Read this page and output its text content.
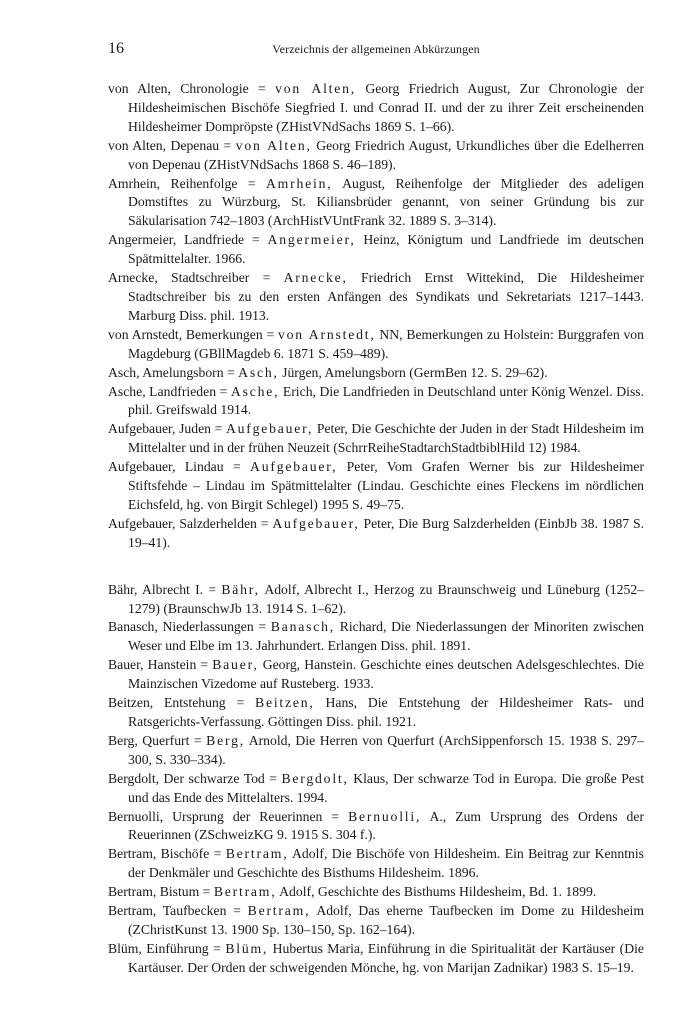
16	Verzeichnis der allgemeinen Abkürzungen

von Alten, Chronologie = von Alten, Georg Friedrich August, Zur Chronologie der Hildesheimischen Bischöfe Siegfried I. und Conrad II. und der zu ihrer Zeit erscheinenden Hildesheimer Dompröpste (ZHistVNdSachs 1869 S. 1–66).

von Alten, Depenau = von Alten, Georg Friedrich August, Urkundliches über die Edelherren von Depenau (ZHistVNdSachs 1868 S. 46–189).

Amrhein, Reihenfolge = Amrhein, August, Reihenfolge der Mitglieder des adeligen Domstiftes zu Würzburg, St. Kiliansbrüder genannt, von seiner Gründung bis zur Säkularisation 742–1803 (ArchHistVUntFrank 32. 1889 S. 3–314).

Angermeier, Landfriede = Angermeier, Heinz, Königtum und Landfriede im deutschen Spätmittelalter. 1966.

Arnecke, Stadtschreiber = Arnecke, Friedrich Ernst Wittekind, Die Hildesheimer Stadtschreiber bis zu den ersten Anfängen des Syndikats und Sekretariats 1217–1443. Marburg Diss. phil. 1913.

von Arnstedt, Bemerkungen = von Arnstedt, NN, Bemerkungen zu Holstein: Burggrafen von Magdeburg (GBllMagdeb 6. 1871 S. 459–489).

Asch, Amelungsborn = Asch, Jürgen, Amelungsborn (GermBen 12. S. 29–62).

Asche, Landfrieden = Asche, Erich, Die Landfrieden in Deutschland unter König Wenzel. Diss. phil. Greifswald 1914.

Aufgebauer, Juden = Aufgebauer, Peter, Die Geschichte der Juden in der Stadt Hildesheim im Mittelalter und in der frühen Neuzeit (SchrrReiheStadtarchStadtbiblHild 12) 1984.

Aufgebauer, Lindau = Aufgebauer, Peter, Vom Grafen Werner bis zur Hildesheimer Stiftsfehde – Lindau im Spätmittelalter (Lindau. Geschichte eines Fleckens im nördlichen Eichsfeld, hg. von Birgit Schlegel) 1995 S. 49–75.

Aufgebauer, Salzderhelden = Aufgebauer, Peter, Die Burg Salzderhelden (EinbJb 38. 1987 S. 19–41).

Bähr, Albrecht I. = Bähr, Adolf, Albrecht I., Herzog zu Braunschweig und Lüneburg (1252–1279) (BraunschwJb 13. 1914 S. 1–62).

Banasch, Niederlassungen = Banasch, Richard, Die Niederlassungen der Minoriten zwischen Weser und Elbe im 13. Jahrhundert. Erlangen Diss. phil. 1891.

Bauer, Hanstein = Bauer, Georg, Hanstein. Geschichte eines deutschen Adelsgeschlechtes. Die Mainzischen Vizedome auf Rusteberg. 1933.

Beitzen, Entstehung = Beitzen, Hans, Die Entstehung der Hildesheimer Rats- und Ratsgerichts-Verfassung. Göttingen Diss. phil. 1921.

Berg, Querfurt = Berg, Arnold, Die Herren von Querfurt (ArchSippenforsch 15. 1938 S. 297–300, S. 330–334).

Bergdolt, Der schwarze Tod = Bergdolt, Klaus, Der schwarze Tod in Europa. Die große Pest und das Ende des Mittelalters. 1994.

Bernuolli, Ursprung der Reuerinnen = Bernuolli, A., Zum Ursprung des Ordens der Reuerinnen (ZSchweizKG 9. 1915 S. 304 f.).

Bertram, Bischöfe = Bertram, Adolf, Die Bischöfe von Hildesheim. Ein Beitrag zur Kenntnis der Denkmäler und Geschichte des Bisthums Hildesheim. 1896.

Bertram, Bistum = Bertram, Adolf, Geschichte des Bisthums Hildesheim, Bd. 1. 1899.

Bertram, Taufbecken = Bertram, Adolf, Das eherne Taufbecken im Dome zu Hildesheim (ZChristKunst 13. 1900 Sp. 130–150, Sp. 162–164).

Blüm, Einführung = Blüm, Hubertus Maria, Einführung in die Spiritualität der Kartäuser (Die Kartäuser. Der Orden der schweigenden Mönche, hg. von Marijan Zadnikar) 1983 S. 15–19.
